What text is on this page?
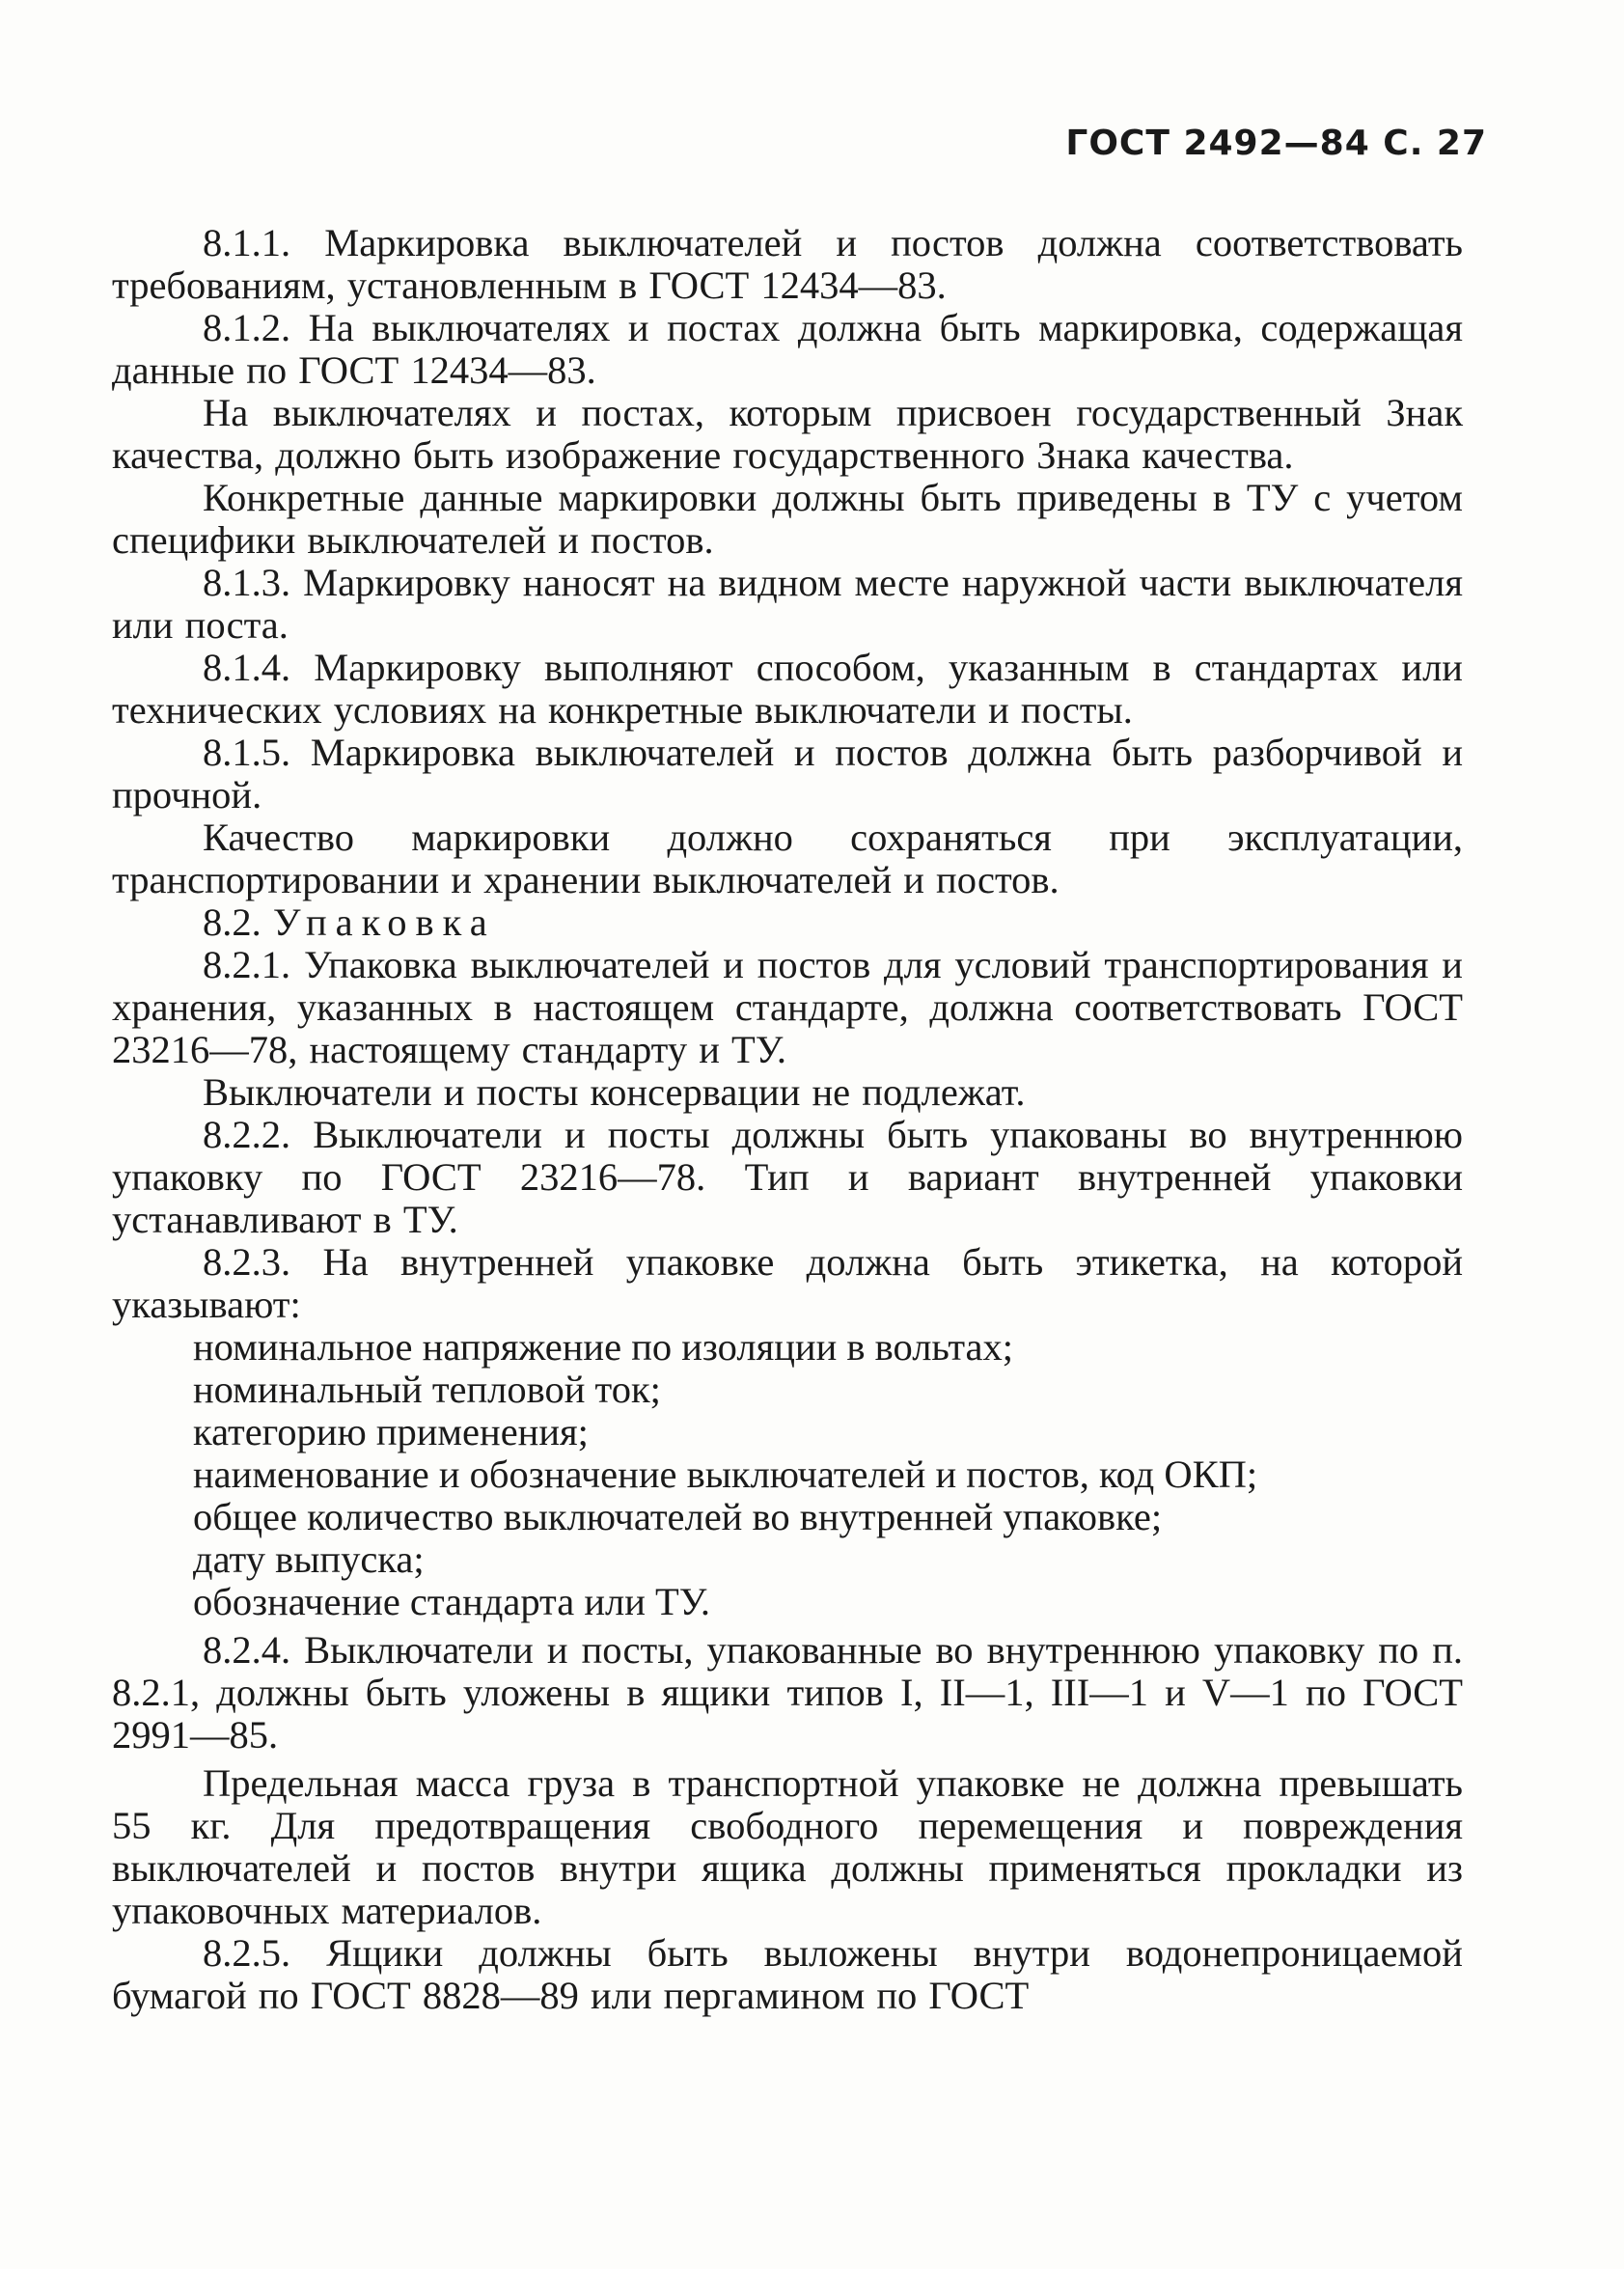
ГОСТ 2492—84 С. 27

8.1.1. Маркировка выключателей и постов должна соответствовать требованиям, установленным в ГОСТ 12434—83.

8.1.2. На выключателях и постах должна быть маркировка, содержащая данные по ГОСТ 12434—83.

На выключателях и постах, которым присвоен государственный Знак качества, должно быть изображение государственного Знака качества.

Конкретные данные маркировки должны быть приведены в ТУ с учетом специфики выключателей и постов.

8.1.3. Маркировку наносят на видном месте наружной части выключателя или поста.

8.1.4. Маркировку выполняют способом, указанным в стандартах или технических условиях на конкретные выключатели и посты.

8.1.5. Маркировка выключателей и постов должна быть разборчивой и прочной.

Качество маркировки должно сохраняться при эксплуатации, транспортировании и хранении выключателей и постов.

8.2. Упаковка

8.2.1. Упаковка выключателей и постов для условий транспортирования и хранения, указанных в настоящем стандарте, должна соответствовать ГОСТ 23216—78, настоящему стандарту и ТУ.

Выключатели и посты консервации не подлежат.

8.2.2. Выключатели и посты должны быть упакованы во внутреннюю упаковку по ГОСТ 23216—78. Тип и вариант внутренней упаковки устанавливают в ТУ.

8.2.3. На внутренней упаковке должна быть этикетка, на которой указывают:

номинальное напряжение по изоляции в вольтах;

номинальный тепловой ток;

категорию применения;

наименование и обозначение выключателей и постов, код ОКП;

общее количество выключателей во внутренней упаковке;

дату выпуска;

обозначение стандарта или ТУ.

8.2.4. Выключатели и посты, упакованные во внутреннюю упаковку по п. 8.2.1, должны быть уложены в ящики типов I, II—1, III—1 и V—1 по ГОСТ 2991—85.

Предельная масса груза в транспортной упаковке не должна превышать 55 кг. Для предотвращения свободного перемещения и повреждения выключателей и постов внутри ящика должны применяться прокладки из упаковочных материалов.

8.2.5. Ящики должны быть выложены внутри водонепроницаемой бумагой по ГОСТ 8828—89 или пергамином по ГОСТ
